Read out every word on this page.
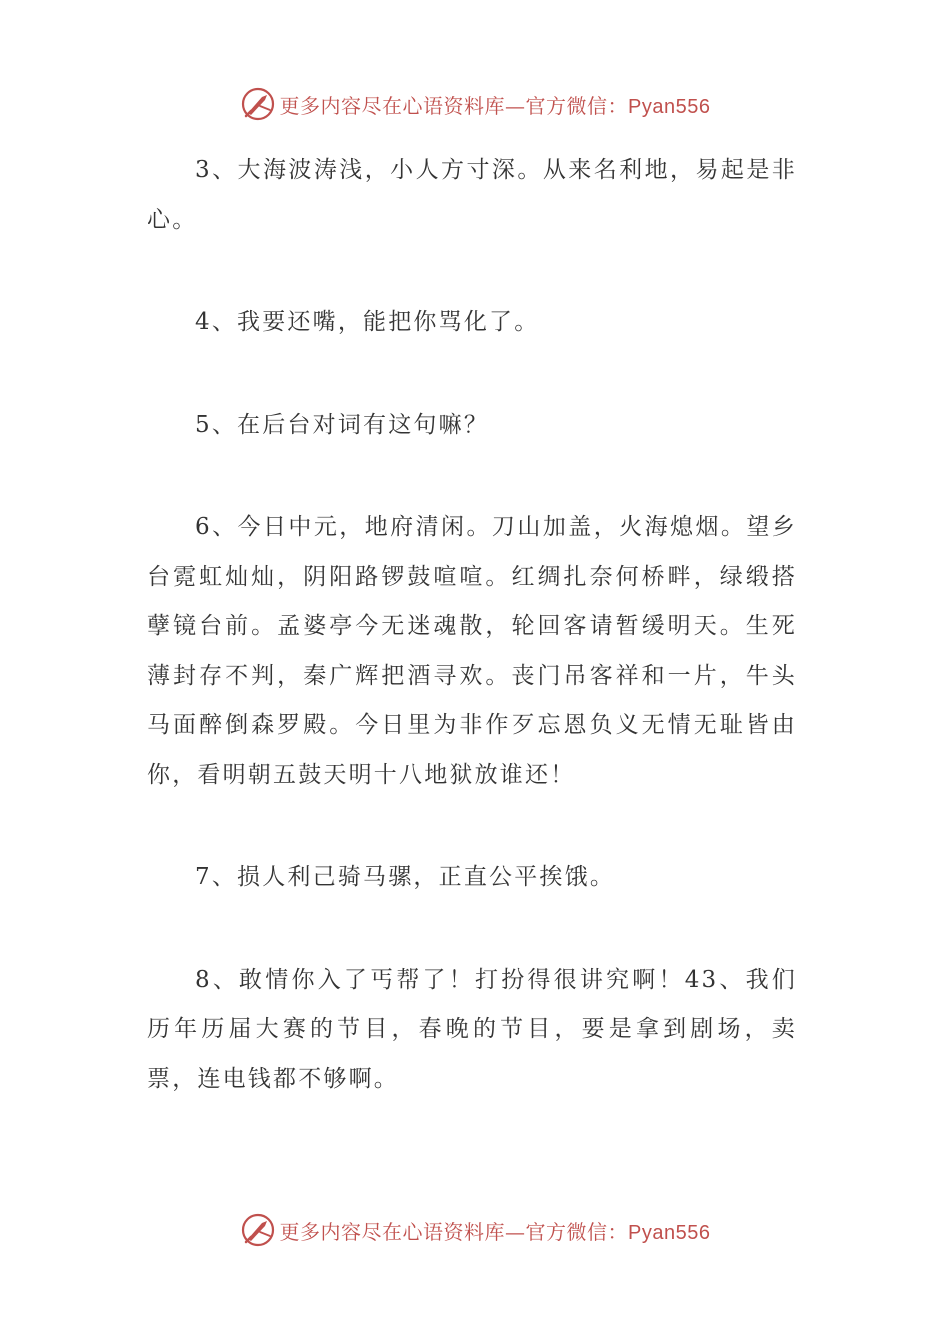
更多内容尽在心语资料库—官方微信：Pyan556

3、大海波涛浅，小人方寸深。从来名利地，易起是非心。

4、我要还嘴，能把你骂化了。

5、在后台对词有这句嘛？

6、今日中元，地府清闲。刀山加盖，火海熄烟。望乡台霓虹灿灿，阴阳路锣鼓喧喧。红绸扎奈何桥畔，绿缎搭孽镜台前。孟婆亭今无迷魂散，轮回客请暂缓明天。生死薄封存不判，秦广辉把酒寻欢。丧门吊客祥和一片，牛头马面醉倒森罗殿。今日里为非作歹忘恩负义无情无耻皆由你，看明朝五鼓天明十八地狱放谁还！

7、损人利己骑马骡，正直公平挨饿。

8、敢情你入了丐帮了！打扮得很讲究啊！43、我们历年历届大赛的节目，春晚的节目，要是拿到剧场，卖票，连电钱都不够啊。

更多内容尽在心语资料库—官方微信：Pyan556
